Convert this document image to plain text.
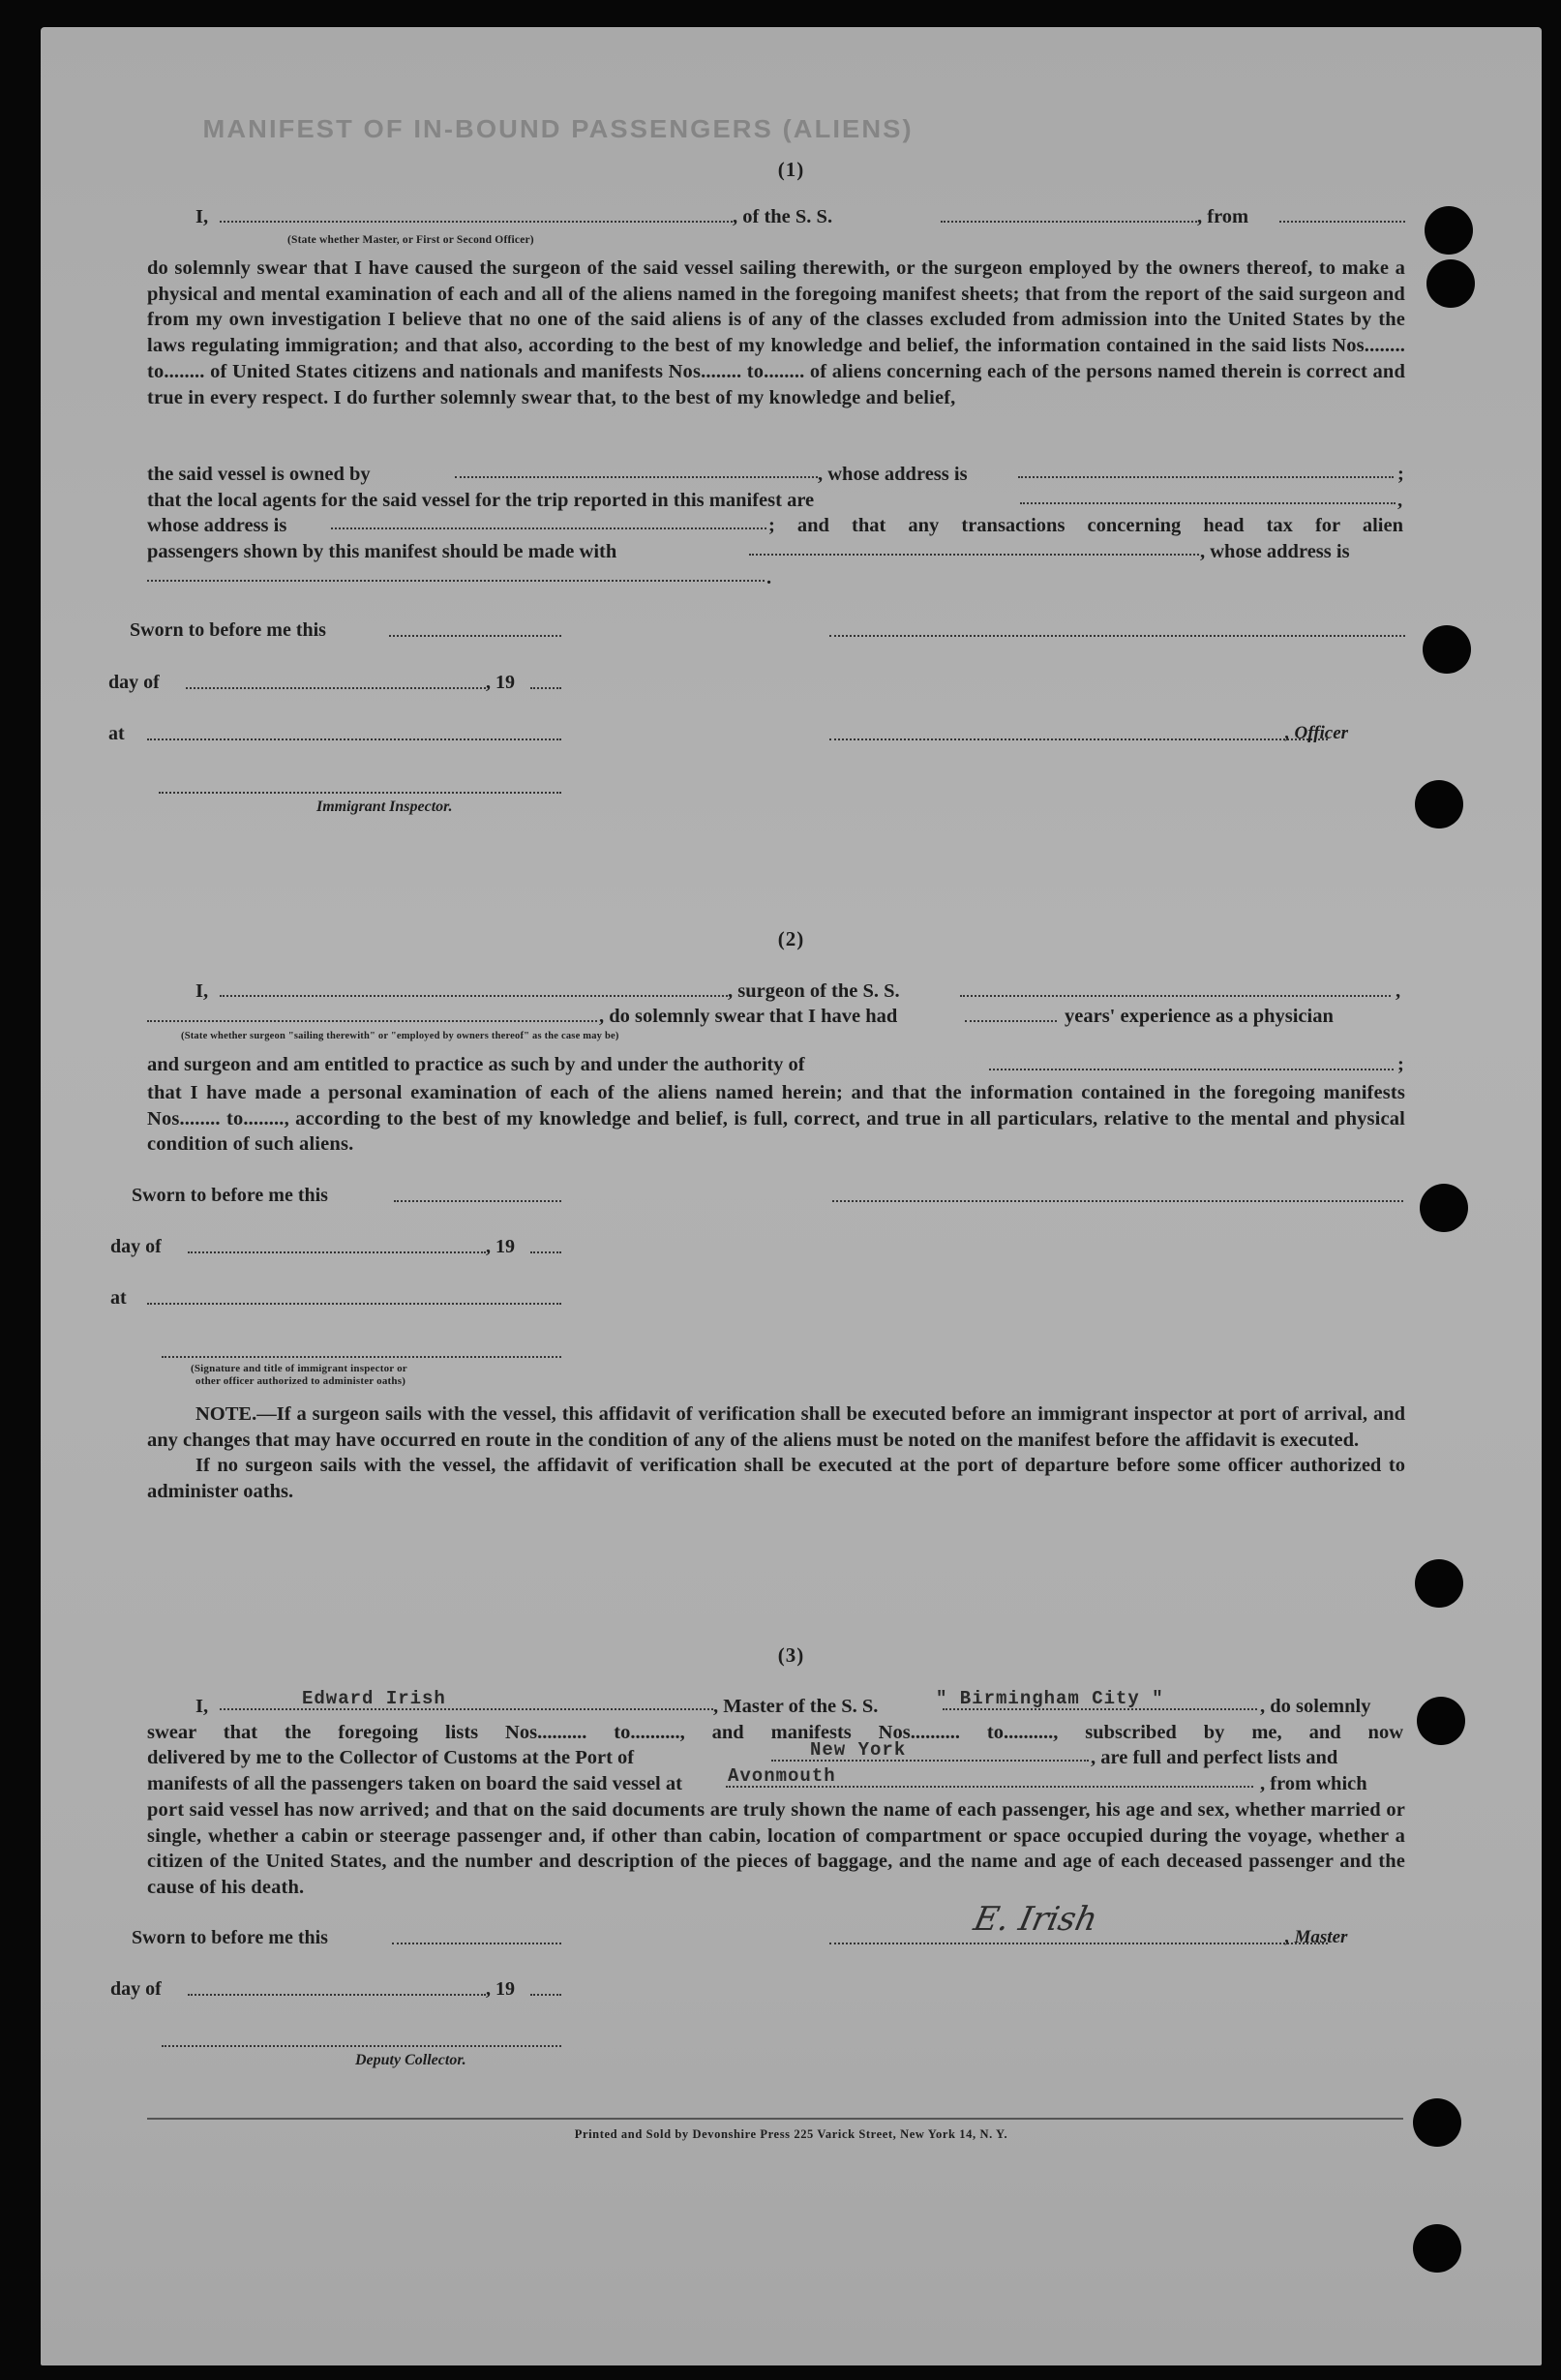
MANIFEST OF IN-BOUND PASSENGERS (ALIENS)
(1)
I,	, of the S. S.	, from
(State whether Master, or First or Second Officer)

do solemnly swear that I have caused the surgeon of the said vessel sailing therewith, or the surgeon employed by the owners thereof, to make a physical and mental examination of each and all of the aliens named in the foregoing manifest sheets; that from the report of the said surgeon and from my own investigation I believe that no one of the said aliens is of any of the classes excluded from admission into the United States by the laws regulating immigration; and that also, according to the best of my knowledge and belief, the information contained in the said lists Nos........ to........ of United States citizens and nationals and manifests Nos........ to........ of aliens concerning each of the persons named therein is correct and true in every respect. I do further solemnly swear that, to the best of my knowledge and belief,

the said vessel is owned by	, whose address is	;
that the local agents for the said vessel for the trip reported in this manifest are	,
whose address is	; and that any transactions concerning head tax for alien
passengers shown by this manifest should be made with	, whose address is
.
Sworn to before me this
day of	, 19
at	, Officer
Immigrant Inspector.
(2)
I,	, surgeon of the S. S.	,
, do solemnly swear that I have had	years' experience as a physician
(State whether surgeon "sailing therewith" or "employed by owners thereof" as the case may be)
and surgeon and am entitled to practice as such by and under the authority of	;

that I have made a personal examination of each of the aliens named herein; and that the information contained in the foregoing manifests Nos........ to........, according to the best of my knowledge and belief, is full, correct, and true in all particulars, relative to the mental and physical condition of such aliens.

Sworn to before me this
day of	, 19
at
(Signature and title of immigrant inspector or
other officer authorized to administer oaths)

NOTE.—If a surgeon sails with the vessel, this affidavit of verification shall be executed before an immigrant inspector at port of arrival, and any changes that may have occurred en route in the condition of any of the aliens must be noted on the manifest before the affidavit is executed.

If no surgeon sails with the vessel, the affidavit of verification shall be executed at the port of departure before some officer authorized to administer oaths.

(3)
I,	Edward Irish	, Master of the S. S.	" Birmingham City "	, do solemnly
swear that the foregoing lists Nos.......... to.........., and manifests Nos.......... to.........., subscribed by me, and now
delivered by me to the Collector of Customs at the Port of	New York	, are full and perfect lists and
manifests of all the passengers taken on board the said vessel at Avonmouth	, from which

port said vessel has now arrived; and that on the said documents are truly shown the name of each passenger, his age and sex, whether married or single, whether a cabin or steerage passenger and, if other than cabin, location of compartment or space occupied during the voyage, whether a citizen of the United States, and the number and description of the pieces of baggage, and the name and age of each deceased passenger and the cause of his death.

Sworn to before me this	E. Irish	, Master
day of	, 19
Deputy Collector.
Printed and Sold by Devonshire Press 225 Varick Street, New York 14, N. Y.
